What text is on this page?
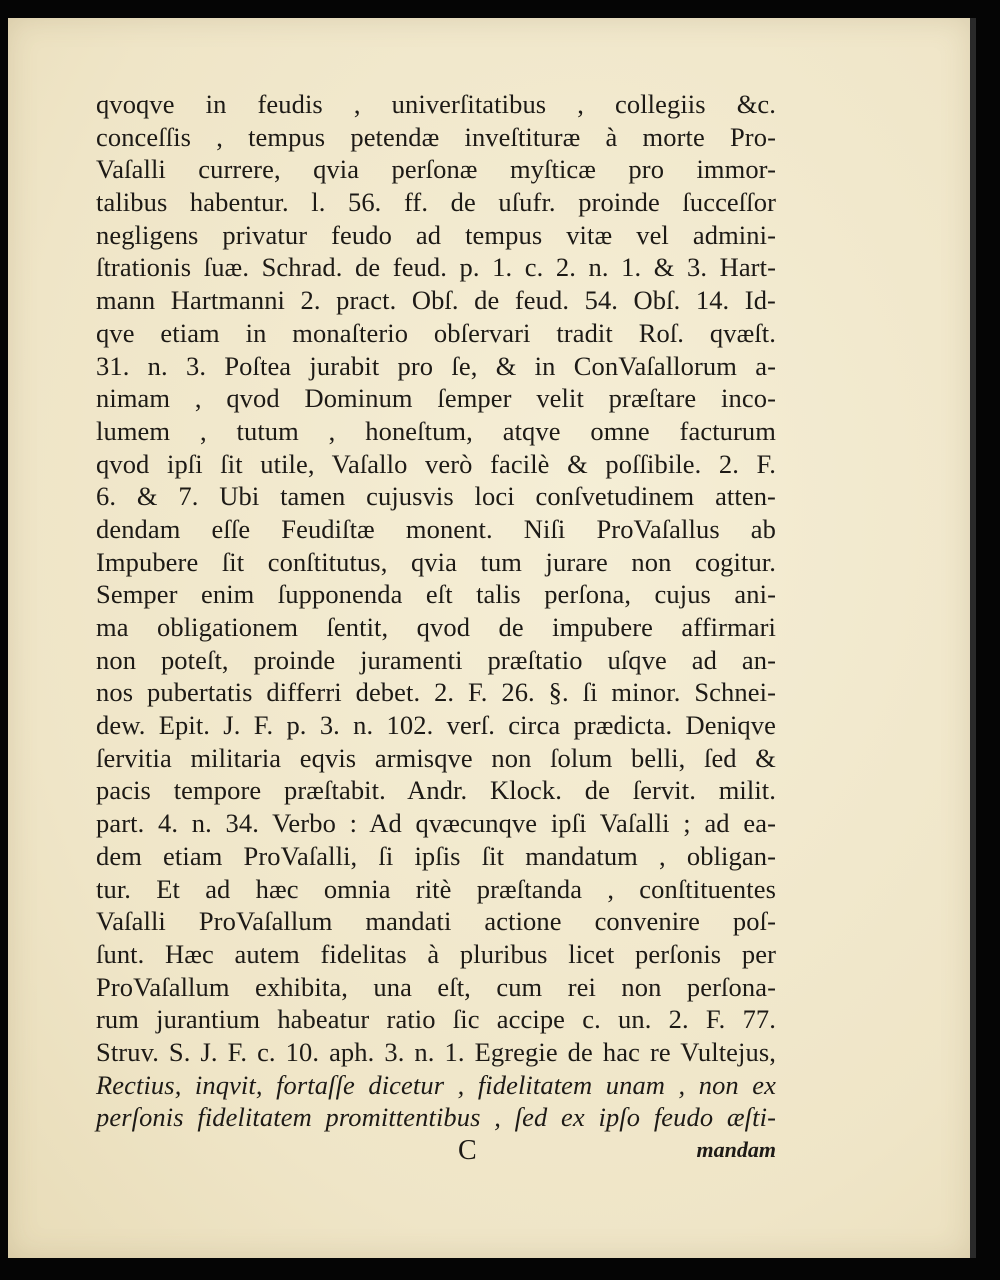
qvoqve in feudis , univerſitatibus , collegiis &c.
conceſſis , tempus petendæ inveſtituræ à morte Pro-
Vaſalli currere, qvia perſonæ myſticæ pro immor-
talibus habentur. l. 56. ff. de uſufr. proinde ſucceſſor
negligens privatur feudo ad tempus vitæ vel admini-
ſtrationis ſuæ. Schrad. de feud. p. 1. c. 2. n. 1. & 3. Hart-
mann Hartmanni 2. pract. Obſ. de feud. 54. Obſ. 14. Id-
qve etiam in monaſterio obſervari tradit Roſ. qvæſt.
31. n. 3. Poſtea jurabit pro ſe, & in ConVaſallorum a-
nimam , qvod Dominum ſemper velit præſtare inco-
lumem , tutum , honeſtum, atqve omne facturum
qvod ipſi ſit utile, Vaſallo verò facilè & poſſibile. 2. F.
6. & 7. Ubi tamen cujusvis loci conſvetudinem atten-
dendam eſſe Feudiſtæ monent. Niſi ProVaſallus ab
Impubere ſit conſtitutus, qvia tum jurare non cogitur.
Semper enim ſupponenda eſt talis perſona, cujus ani-
ma obligationem ſentit, qvod de impubere affirmari
non poteſt, proinde juramenti præſtatio uſqve ad an-
nos pubertatis differri debet. 2. F. 26. §. ſi minor. Schnei-
dew. Epit. J. F. p. 3. n. 102. verſ. circa prædicta. Deniqve
ſervitia militaria eqvis armisqve non ſolum belli, ſed &
pacis tempore præſtabit. Andr. Klock. de ſervit. milit.
part. 4. n. 34. Verbo : Ad qvæcunqve ipſi Vaſalli ; ad ea-
dem etiam ProVaſalli, ſi ipſis ſit mandatum , obligan-
tur. Et ad hæc omnia ritè præſtanda , conſtituentes
Vaſalli ProVaſallum mandati actione convenire poſ-
ſunt. Hæc autem fidelitas à pluribus licet perſonis per
ProVaſallum exhibita, una eſt, cum rei non perſona-
rum jurantium habeatur ratio ſic accipe c. un. 2. F. 77.
Struv. S. J. F. c. 10. aph. 3. n. 1. Egregie de hac re Vultejus,
Rectius, inqvit, fortaſſe dicetur , fidelitatem unam , non ex
perſonis fidelitatem promittentibus , ſed ex ipſo feudo æſti-
C	mandam
